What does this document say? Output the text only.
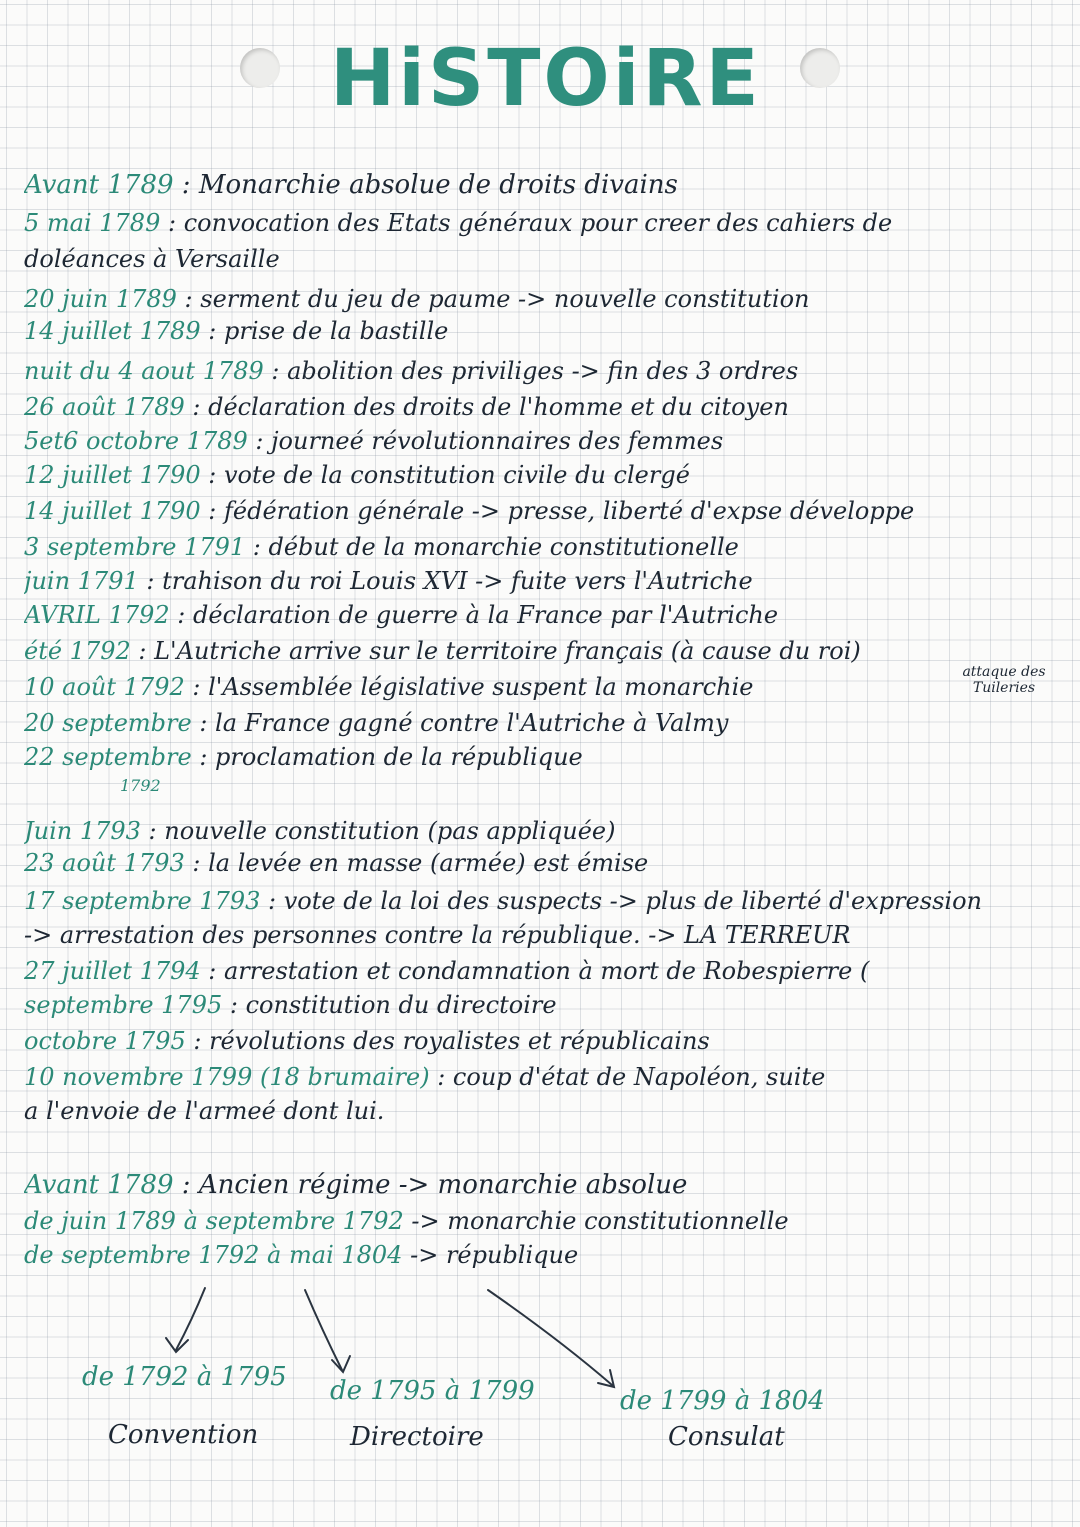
HiSTOiRE
Avant 1789 : Monarchie absolue de droits divains
5 mai 1789 : convocation des Etats généraux pour creer des cahiers de
doléances à Versaille
20 juin 1789 : serment du jeu de paume -> nouvelle constitution
14 juillet 1789 : prise de la bastille
nuit du 4 aout 1789 : abolition des priviliges -> fin des 3 ordres
26 août 1789 : déclaration des droits de l'homme et du citoyen
5et6 octobre 1789 : journeé révolutionnaires des femmes
12 juillet 1790 : vote de la constitution civile du clergé
14 juillet 1790 : fédération générale -> presse, liberté d'expse développe
3 septembre 1791 : début de la monarchie constitutionelle
juin 1791 : trahison du roi Louis XVI -> fuite vers l'Autriche
AVRIL 1792 : déclaration de guerre à la France par l'Autriche
été 1792 : L'Autriche arrive sur le territoire français (à cause du roi)
10 août 1792 : l'Assemblée législative suspent la monarchie
attaque des Tuileries
20 septembre : la France gagné contre l'Autriche à Valmy
22 septembre : proclamation de la république
1792
Juin 1793 : nouvelle constitution (pas appliquée)
23 août 1793 : la levée en masse (armée) est émise
17 septembre 1793 : vote de la loi des suspects -> plus de liberté d'expression
-> arrestation des personnes contre la république. -> LA TERREUR
27 juillet 1794 : arrestation et condamnation à mort de Robespierre (
septembre 1795 : constitution du directoire
octobre 1795 : révolutions des royalistes et républicains
10 novembre 1799 (18 brumaire) : coup d'état de Napoléon, suite
a l'envoie de l'armeé dont lui.
Avant 1789 : Ancien régime -> monarchie absolue
de juin 1789 à septembre 1792 -> monarchie constitutionnelle
de septembre 1792 à mai 1804 -> république
de 1792 à 1795
Convention
de 1795 à 1799
Directoire
de 1799 à 1804
Consulat
